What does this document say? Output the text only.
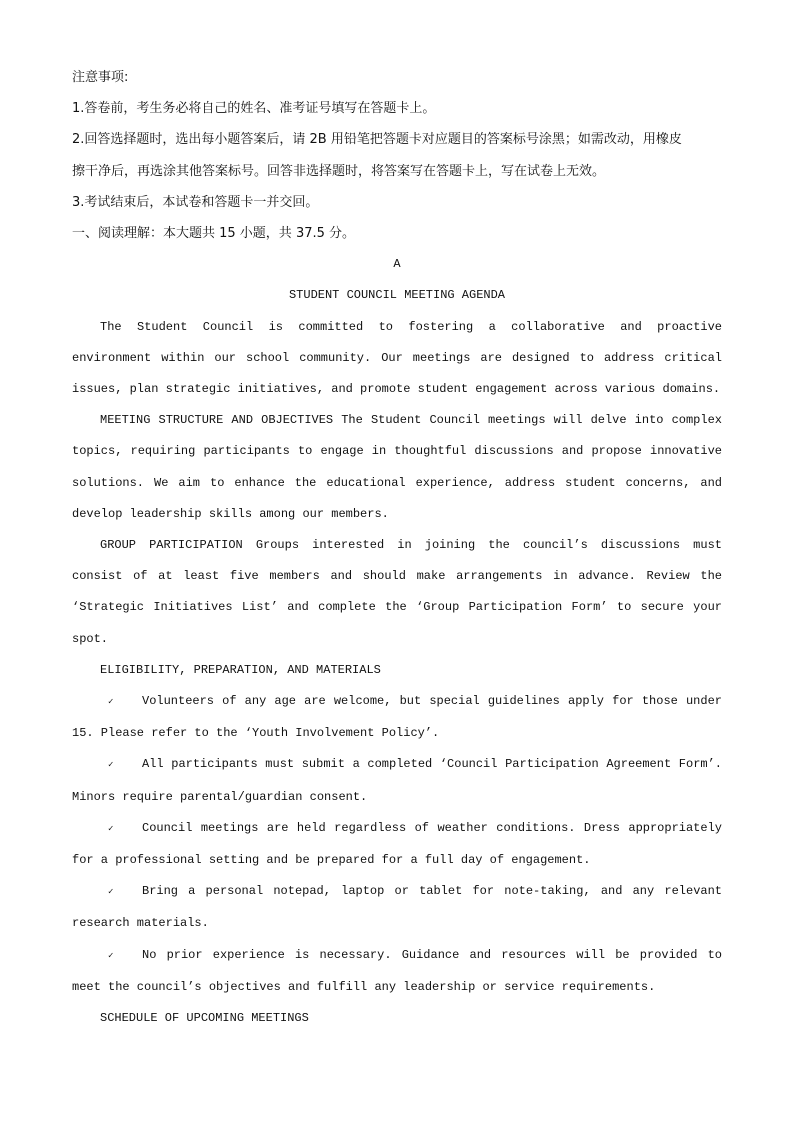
注意事项:

1.答卷前，考生务必将自己的姓名、准考证号填写在答题卡上。

2.回答选择题时，选出每小题答案后，请 2B 用铅笔把答题卡对应题目的答案标号涂黑；如需改动，用橡皮

擦干净后，再选涂其他答案标号。回答非选择题时，将答案写在答题卡上，写在试卷上无效。

3.考试结束后，本试卷和答题卡一并交回。

一、阅读理解：本大题共 15 小题，共 37.5 分。

A

STUDENT COUNCIL MEETING AGENDA

The Student Council is committed to fostering a collaborative and proactive environment within our school community. Our meetings are designed to address critical issues, plan strategic initiatives, and promote student engagement across various domains.

MEETING STRUCTURE AND OBJECTIVES The Student Council meetings will delve into complex topics, requiring participants to engage in thoughtful discussions and propose innovative solutions. We aim to enhance the educational experience, address student concerns, and develop leadership skills among our members.

GROUP PARTICIPATION Groups interested in joining the council’s discussions must consist of at least five members and should make arrangements in advance. Review the ‘Strategic Initiatives List’ and complete the ‘Group Participation Form’ to secure your spot.

ELIGIBILITY, PREPARATION, AND MATERIALS

✓ Volunteers of any age are welcome, but special guidelines apply for those under 15. Please refer to the ‘Youth Involvement Policy’.

✓ All participants must submit a completed ‘Council Participation Agreement Form’. Minors require parental/guardian consent.

✓ Council meetings are held regardless of weather conditions. Dress appropriately for a professional setting and be prepared for a full day of engagement.

✓ Bring a personal notepad, laptop or tablet for note-taking, and any relevant research materials.

✓ No prior experience is necessary. Guidance and resources will be provided to meet the council’s objectives and fulfill any leadership or service requirements.

SCHEDULE OF UPCOMING MEETINGS
